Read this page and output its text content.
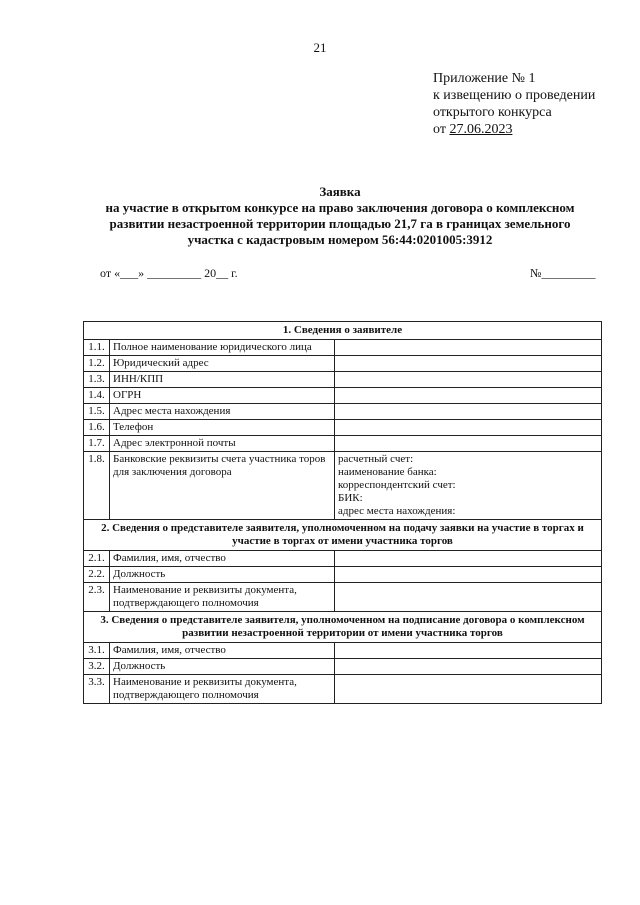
21
Приложение № 1
к извещению о проведении
открытого конкурса
от 27.06.2023
Заявка
на участие в открытом конкурсе на право заключения договора о комплексном
развитии незастроенной территории площадью 21,7 га в границах земельного
участка с кадастровым номером 56:44:0201005:3912
от «___» _________ 20__ г.	№_________
1. Сведения о заявителе		
1.1.	Полное наименование юридического лица	
1.2.	Юридический адрес	
1.3.	ИНН/КПП	
1.4.	ОГРН	
1.5.	Адрес места нахождения	
1.6.	Телефон	
1.7.	Адрес электронной почты	
1.8.	Банковские реквизиты счета участника торов для заключения договора	расчетный счет:
наименование банка:
корреспондентский счет:
БИК:
адрес места нахождения:

2. Сведения о представителе заявителя, уполномоченном на подачу заявки на участие в торгах и участие в торгах от имени участника торгов		
2.1.	Фамилия, имя, отчество	
2.2.	Должность	
2.3.	Наименование и реквизиты документа, подтверждающего полномочия	
3. Сведения о представителе заявителя, уполномоченном на подписание договора о комплексном развитии незастроенной территории от имени участника торгов		
3.1.	Фамилия, имя, отчество	
3.2.	Должность	
3.3.	Наименование и реквизиты документа, подтверждающего полномочия	
